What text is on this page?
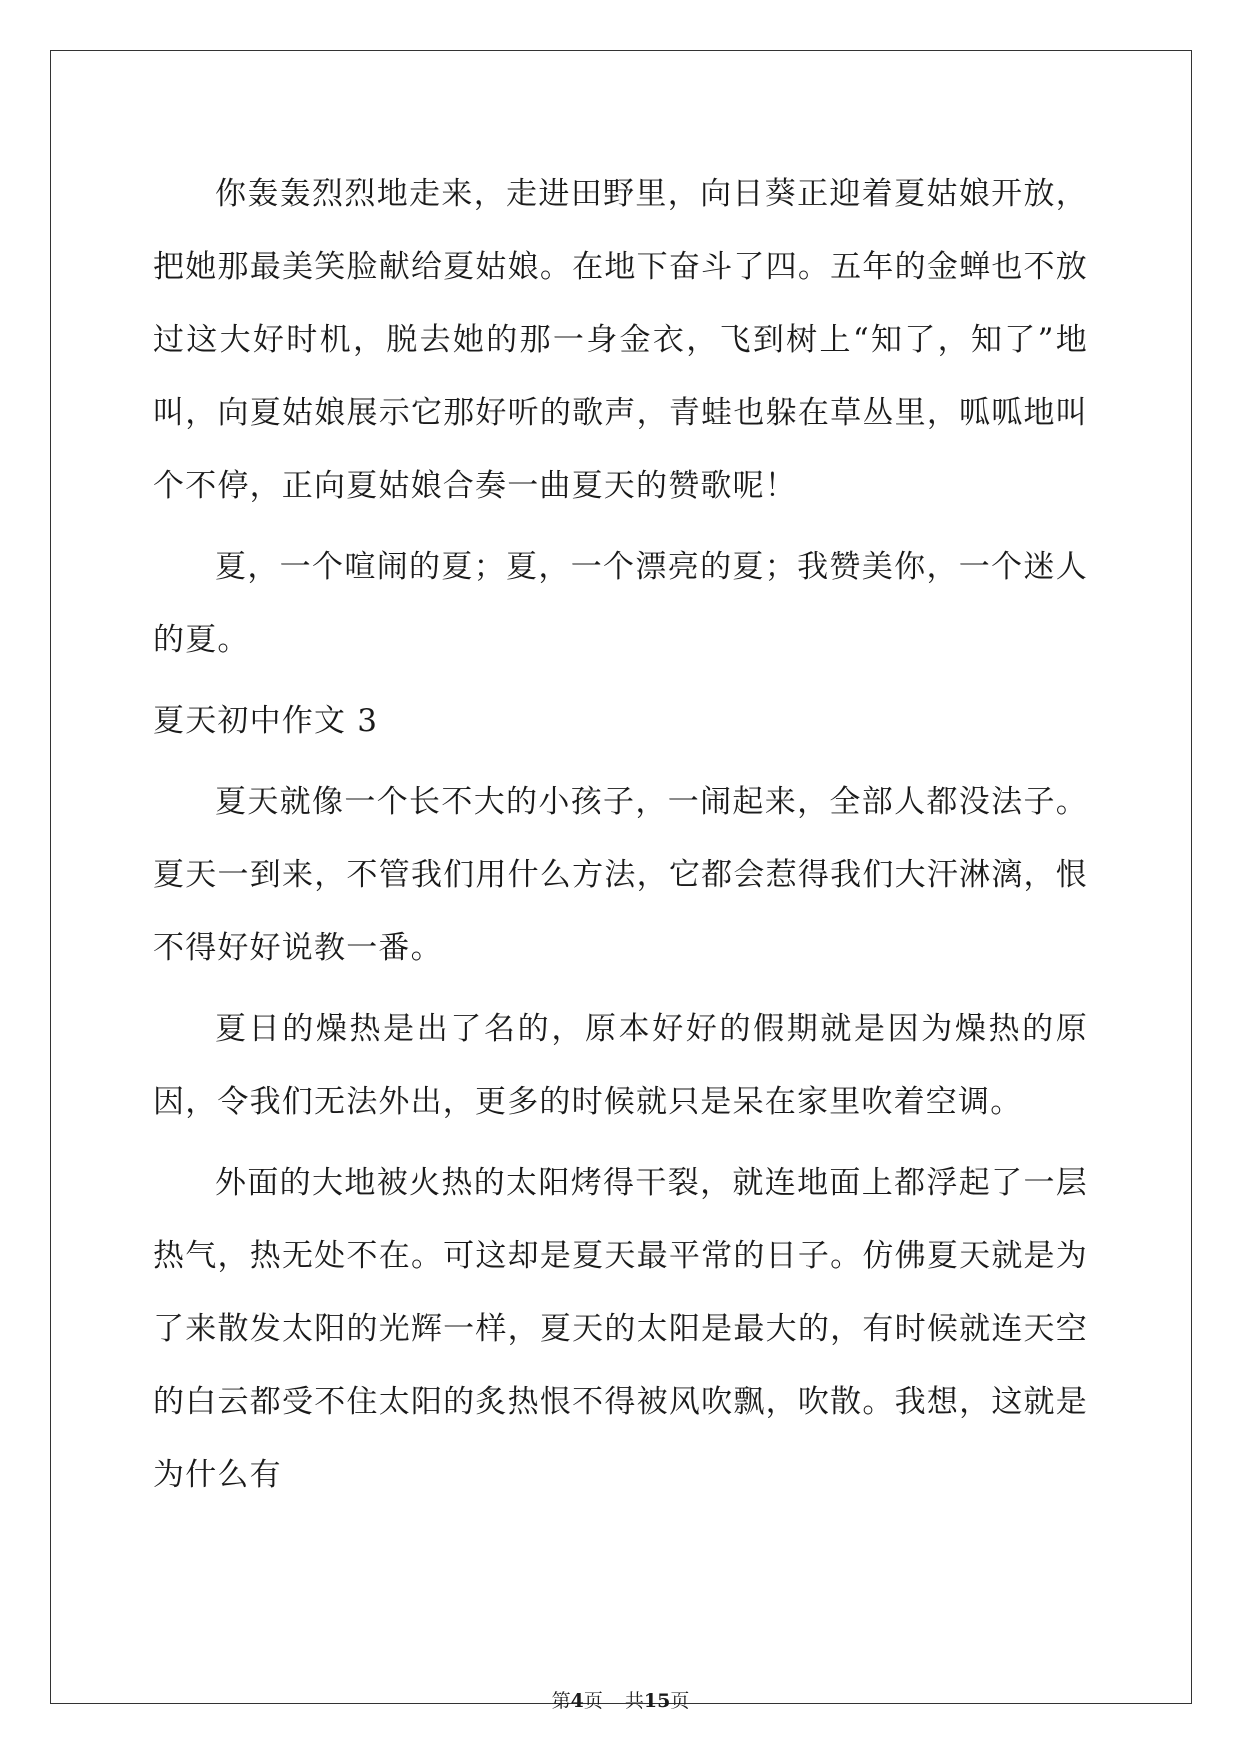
你轰轰烈烈地走来，走进田野里，向日葵正迎着夏姑娘开放，把她那最美笑脸献给夏姑娘。在地下奋斗了四。五年的金蝉也不放过这大好时机，脱去她的那一身金衣，飞到树上“知了，知了”地叫，向夏姑娘展示它那好听的歌声，青蛙也躲在草丛里，呱呱地叫个不停，正向夏姑娘合奏一曲夏天的赞歌呢！

夏，一个喧闹的夏；夏，一个漂亮的夏；我赞美你，一个迷人的夏。

夏天初中作文 3

夏天就像一个长不大的小孩子，一闹起来，全部人都没法子。夏天一到来，不管我们用什么方法，它都会惹得我们大汗淋漓，恨不得好好说教一番。

夏日的燥热是出了名的，原本好好的假期就是因为燥热的原因，令我们无法外出，更多的时候就只是呆在家里吹着空调。

外面的大地被火热的太阳烤得干裂，就连地面上都浮起了一层热气，热无处不在。可这却是夏天最平常的日子。仿佛夏天就是为了来散发太阳的光辉一样，夏天的太阳是最大的，有时候就连天空的白云都受不住太阳的炙热恨不得被风吹飘，吹散。我想，这就是为什么有

第4页 共15页
